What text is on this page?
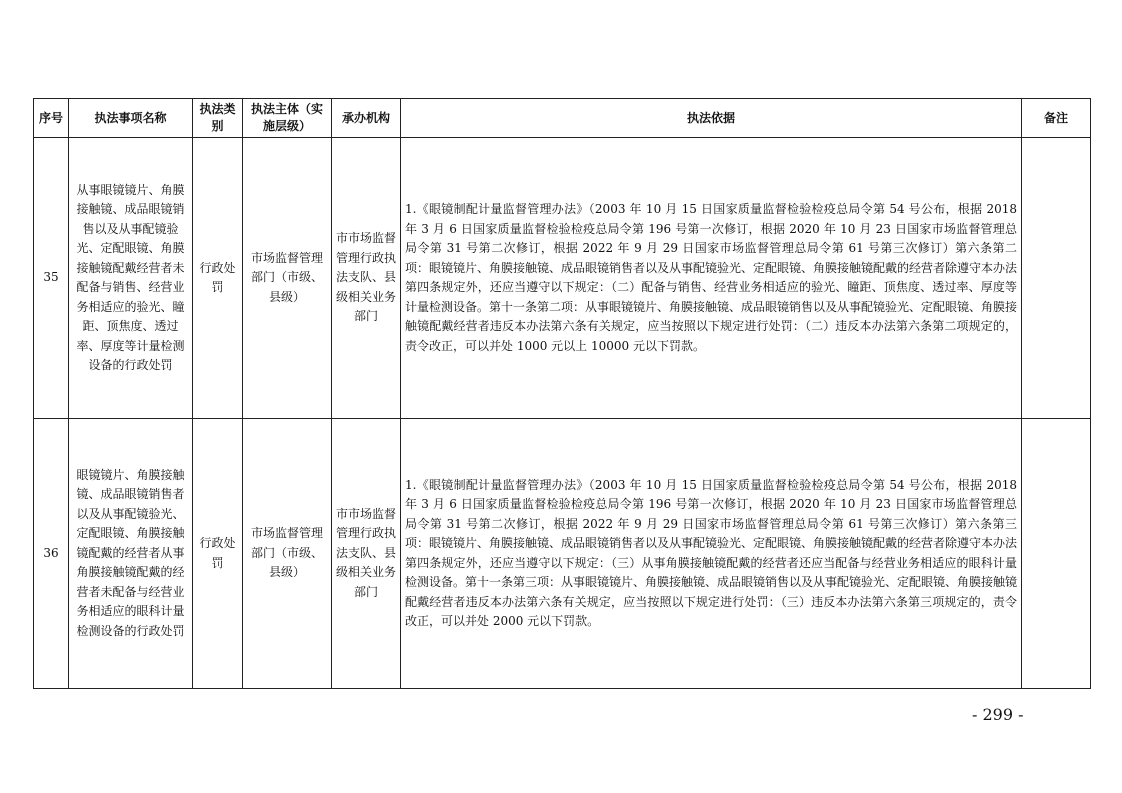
序号	执法事项名称	执法类别	执法主体（实施层级）	承办机构	执法依据	备注
35	从事眼镜镜片、角膜接触镜、成品眼镜销售以及从事配镜验光、定配眼镜、角膜接触镜配戴经营者未配备与销售、经营业务相适应的验光、瞳距、顶焦度、透过率、厚度等计量检测设备的行政处罚	行政处罚	市场监督管理部门（市级、县级）	市市场监督管理行政执法支队、县级相关业务部门	1.《眼镜制配计量监督管理办法》（2003 年 10 月 15 日国家质量监督检验检疫总局令第 54 号公布，根据 2018 年 3 月 6 日国家质量监督检验检疫总局令第 196 号第一次修订，根据 2020 年 10 月 23 日国家市场监督管理总局令第 31 号第二次修订，根据 2022 年 9 月 29 日国家市场监督管理总局令第 61 号第三次修订）第六条第二项：眼镜镜片、角膜接触镜、成品眼镜销售者以及从事配镜验光、定配眼镜、角膜接触镜配戴的经营者除遵守本办法第四条规定外，还应当遵守以下规定：（二）配备与销售、经营业务相适应的验光、瞳距、顶焦度、透过率、厚度等计量检测设备。第十一条第二项：从事眼镜镜片、角膜接触镜、成品眼镜销售以及从事配镜验光、定配眼镜、角膜接触镜配戴经营者违反本办法第六条有关规定，应当按照以下规定进行处罚：（二）违反本办法第六条第二项规定的，责令改正，可以并处 1000 元以上 10000 元以下罚款。	
36	眼镜镜片、角膜接触镜、成品眼镜销售者以及从事配镜验光、定配眼镜、角膜接触镜配戴的经营者从事角膜接触镜配戴的经营者未配备与经营业务相适应的眼科计量检测设备的行政处罚	行政处罚	市场监督管理部门（市级、县级）	市市场监督管理行政执法支队、县级相关业务部门	1.《眼镜制配计量监督管理办法》（2003 年 10 月 15 日国家质量监督检验检疫总局令第 54 号公布，根据 2018 年 3 月 6 日国家质量监督检验检疫总局令第 196 号第一次修订，根据 2020 年 10 月 23 日国家市场监督管理总局令第 31 号第二次修订，根据 2022 年 9 月 29 日国家市场监督管理总局令第 61 号第三次修订）第六条第三项：眼镜镜片、角膜接触镜、成品眼镜销售者以及从事配镜验光、定配眼镜、角膜接触镜配戴的经营者除遵守本办法第四条规定外，还应当遵守以下规定：（三）从事角膜接触镜配戴的经营者还应当配备与经营业务相适应的眼科计量检测设备。第十一条第三项：从事眼镜镜片、角膜接触镜、成品眼镜销售以及从事配镜验光、定配眼镜、角膜接触镜配戴经营者违反本办法第六条有关规定，应当按照以下规定进行处罚：（三）违反本办法第六条第三项规定的，责令改正，可以并处 2000 元以下罚款。	
- 299 -
